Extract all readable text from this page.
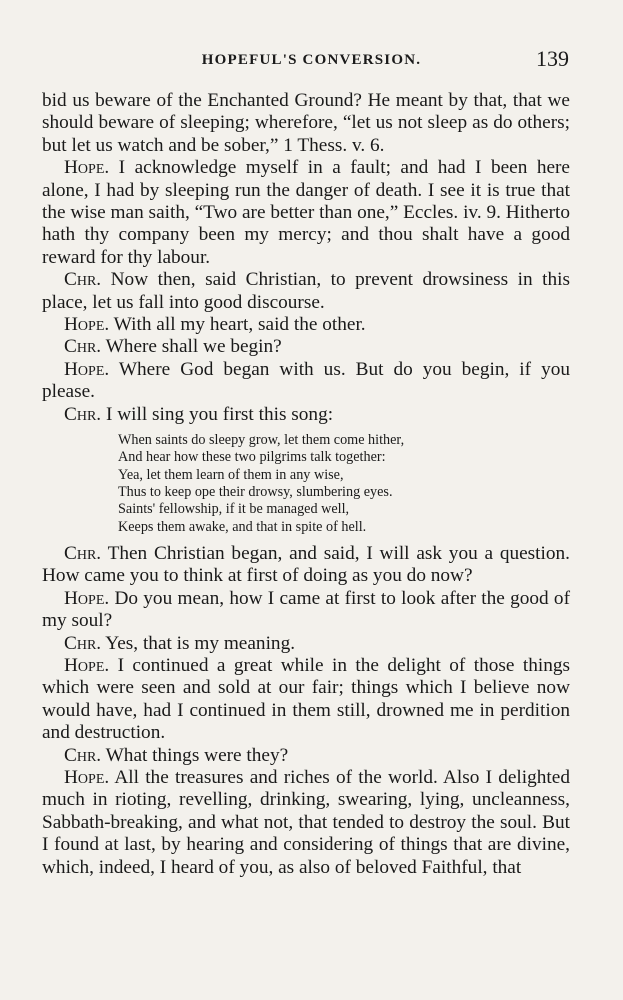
HOPEFUL'S CONVERSION.	139

bid us beware of the Enchanted Ground? He meant by that, that we should beware of sleeping; wherefore, “let us not sleep as do others; but let us watch and be sober,” 1 Thess. v. 6.

Hope. I acknowledge myself in a fault; and had I been here alone, I had by sleeping run the danger of death. I see it is true that the wise man saith, “Two are better than one,” Eccles. iv. 9. Hitherto hath thy company been my mercy; and thou shalt have a good reward for thy labour.

Chr. Now then, said Christian, to prevent drowsiness in this place, let us fall into good discourse.

Hope. With all my heart, said the other.

Chr. Where shall we begin?

Hope. Where God began with us. But do you begin, if you please.

Chr. I will sing you first this song:

When saints do sleepy grow, let them come hither,
And hear how these two pilgrims talk together:
Yea, let them learn of them in any wise,
Thus to keep ope their drowsy, slumbering eyes.
Saints' fellowship, if it be managed well,
Keeps them awake, and that in spite of hell.

Chr. Then Christian began, and said, I will ask you a question. How came you to think at first of doing as you do now?

Hope. Do you mean, how I came at first to look after the good of my soul?

Chr. Yes, that is my meaning.

Hope. I continued a great while in the delight of those things which were seen and sold at our fair; things which I believe now would have, had I continued in them still, drowned me in perdition and destruction.

Chr. What things were they?

Hope. All the treasures and riches of the world. Also I delighted much in rioting, revelling, drinking, swearing, lying, uncleanness, Sabbath-breaking, and what not, that tended to destroy the soul. But I found at last, by hearing and considering of things that are divine, which, indeed, I heard of you, as also of beloved Faithful, that
